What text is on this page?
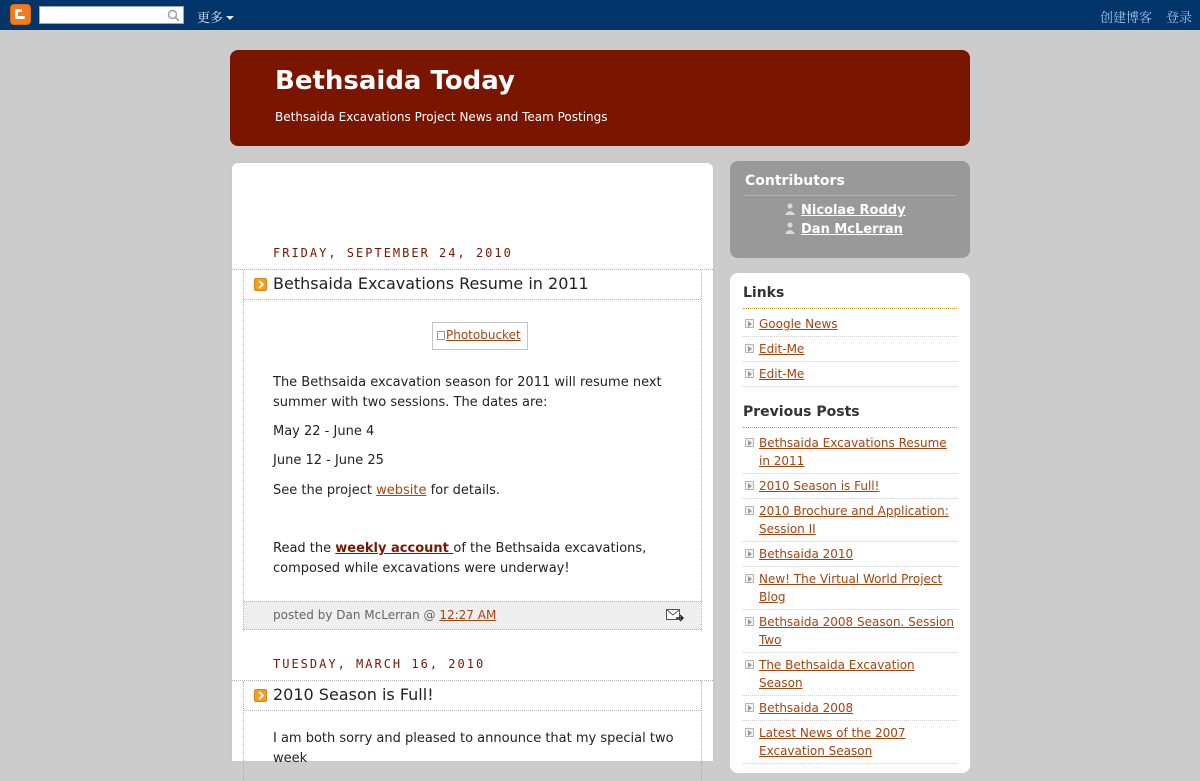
更多	创建博客 登录
Bethsaida Today
Bethsaida Excavations Project News and Team Postings
FRIDAY, SEPTEMBER 24, 2010
Bethsaida Excavations Resume in 2011
Photobucket

The Bethsaida excavation season for 2011 will resume next summer with two sessions. The dates are:

May 22 - June 4

June 12 - June 25

See the project website for details.

Read the weekly account of the Bethsaida excavations, composed while excavations were underway!

posted by Dan McLerran @ 12:27 AM
TUESDAY, MARCH 16, 2010
2010 Season is Full!

I am both sorry and pleased to announce that my special two week

Contributors
Nicolae Roddy
Dan McLerran
Links
Google News
Edit-Me
Edit-Me
Previous Posts
Bethsaida Excavations Resume in 2011
2010 Season is Full!
2010 Brochure and Application: Session II
Bethsaida 2010
New! The Virtual World Project Blog
Bethsaida 2008 Season. Session Two
The Bethsaida Excavation Season
Bethsaida 2008
Latest News of the 2007 Excavation Season
